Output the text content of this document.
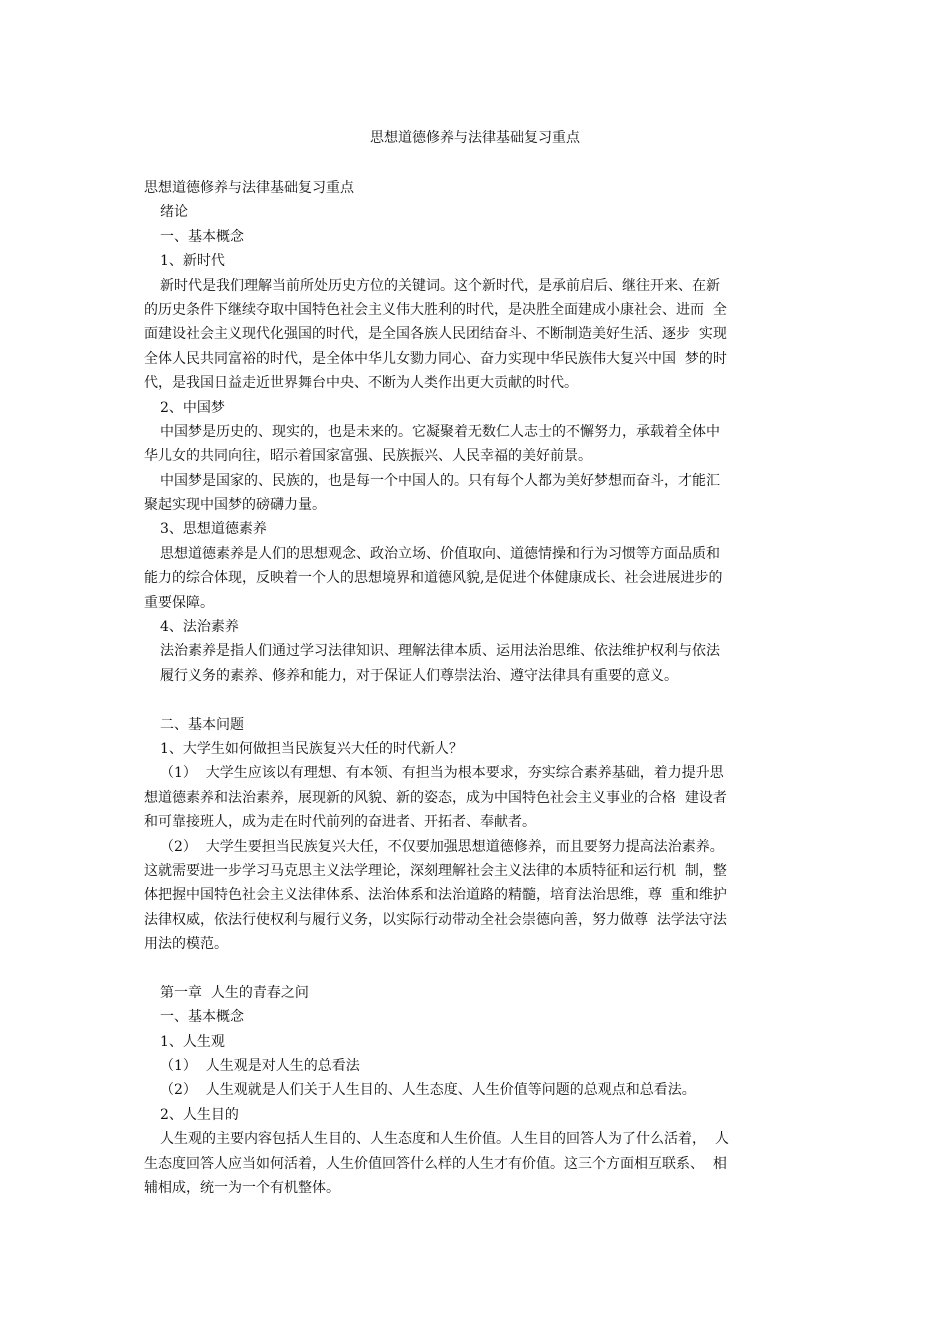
思想道德修养与法律基础复习重点
思想道德修养与法律基础复习重点
绪论
一、基本概念
1、新时代
新时代是我们理解当前所处历史方位的关键词。这个新时代，是承前启后、继往开来、在新
的历史条件下继续夺取中国特色社会主义伟大胜利的时代，是决胜全面建成小康社会、进而  全
面建设社会主义现代化强国的时代，是全国各族人民团结奋斗、不断制造美好生活、逐步  实现
全体人民共同富裕的时代，是全体中华儿女勠力同心、奋力实现中华民族伟大复兴中国  梦的时
代，是我国日益走近世界舞台中央、不断为人类作出更大贡献的时代。
2、中国梦
中国梦是历史的、现实的，也是未来的。它凝聚着无数仁人志士的不懈努力，承载着全体中
华儿女的共同向往，昭示着国家富强、民族振兴、人民幸福的美好前景。
中国梦是国家的、民族的，也是每一个中国人的。只有每个人都为美好梦想而奋斗，才能汇
聚起实现中国梦的磅礴力量。
3、思想道德素养
思想道德素养是人们的思想观念、政治立场、价值取向、道德情操和行为习惯等方面品质和
能力的综合体现，反映着一个人的思想境界和道德风貌,是促进个体健康成长、社会进展进步的
重要保障。
4、法治素养
法治素养是指人们通过学习法律知识、理解法律本质、运用法治思维、依法维护权利与依法
履行义务的素养、修养和能力，对于保证人们尊崇法治、遵守法律具有重要的意义。
二、基本问题
1、大学生如何做担当民族复兴大任的时代新人？
（1）  大学生应该以有理想、有本领、有担当为根本要求，夯实综合素养基础，着力提升思
想道德素养和法治素养，展现新的风貌、新的姿态，成为中国特色社会主义事业的合格  建设者
和可靠接班人，成为走在时代前列的奋进者、开拓者、奉献者。
（2）  大学生要担当民族复兴大任，不仅要加强思想道德修养，而且要努力提高法治素养。
这就需要进一步学习马克思主义法学理论，深刻理解社会主义法律的本质特征和运行机  制，整
体把握中国特色社会主义法律体系、法治体系和法治道路的精髓，培育法治思维，尊  重和维护
法律权威，依法行使权利与履行义务，以实际行动带动全社会崇德向善，努力做尊  法学法守法
用法的模范。
第一章  人生的青春之问
一、基本概念
1、人生观
（1）  人生观是对人生的总看法
（2）  人生观就是人们关于人生目的、人生态度、人生价值等问题的总观点和总看法。
2、人生目的
人生观的主要内容包括人生目的、人生态度和人生价值。人生目的回答人为了什么活着，  人
生态度回答人应当如何活着，人生价值回答什么样的人生才有价值。这三个方面相互联系、  相
辅相成，统一为一个有机整体。
